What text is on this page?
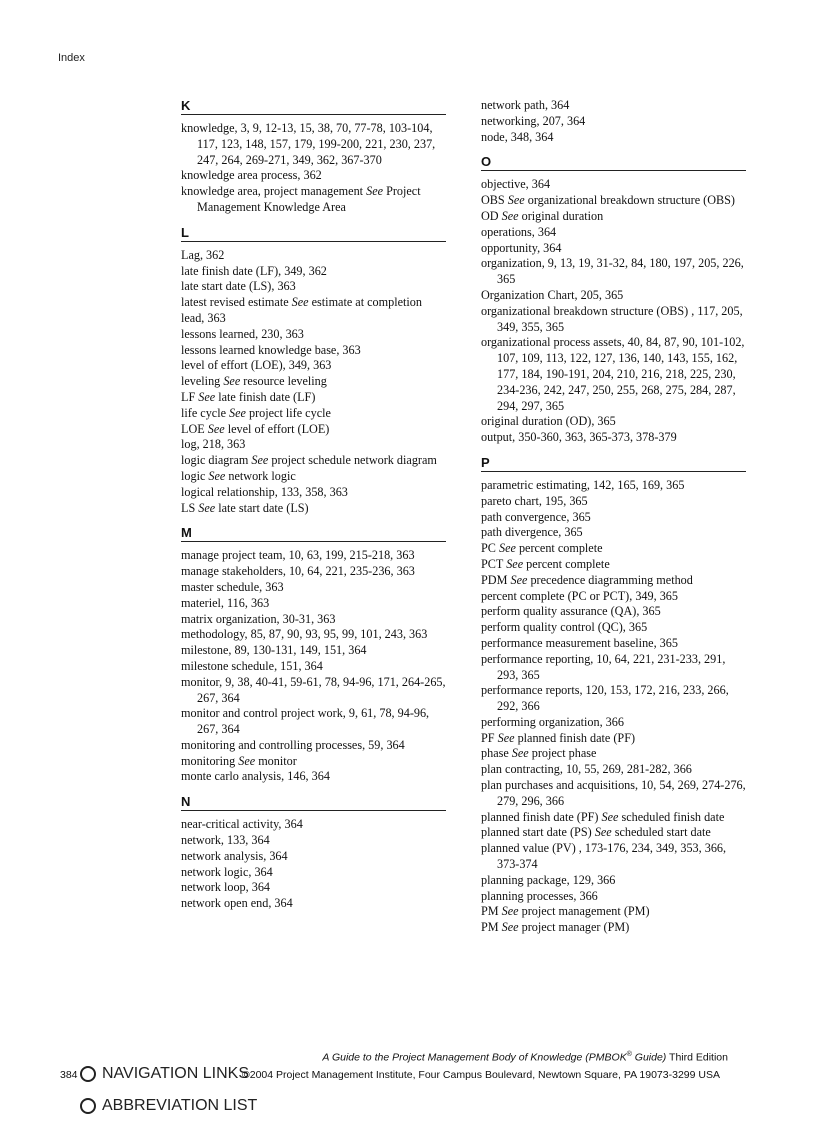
Index
K
knowledge, 3, 9, 12-13, 15, 38, 70, 77-78, 103-104, 117, 123, 148, 157, 179, 199-200, 221, 230, 237, 247, 264, 269-271, 349, 362, 367-370
knowledge area process, 362
knowledge area, project management See Project Management Knowledge Area
L
Lag, 362
late finish date (LF), 349, 362
late start date (LS), 363
latest revised estimate See estimate at completion
lead, 363
lessons learned, 230, 363
lessons learned knowledge base, 363
level of effort (LOE), 349, 363
leveling See resource leveling
LF See late finish date (LF)
life cycle See project life cycle
LOE See level of effort (LOE)
log, 218, 363
logic diagram See project schedule network diagram
logic See network logic
logical relationship, 133, 358, 363
LS See late start date (LS)
M
manage project team, 10, 63, 199, 215-218, 363
manage stakeholders, 10, 64, 221, 235-236, 363
master schedule, 363
materiel, 116, 363
matrix organization, 30-31, 363
methodology, 85, 87, 90, 93, 95, 99, 101, 243, 363
milestone, 89, 130-131, 149, 151, 364
milestone schedule, 151, 364
monitor, 9, 38, 40-41, 59-61, 78, 94-96, 171, 264-265, 267, 364
monitor and control project work, 9, 61, 78, 94-96, 267, 364
monitoring and controlling processes, 59, 364
monitoring See monitor
monte carlo analysis, 146, 364
N
near-critical activity, 364
network, 133, 364
network analysis, 364
network logic, 364
network loop, 364
network open end, 364
network path, 364
networking, 207, 364
node, 348, 364
O
objective, 364
OBS See organizational breakdown structure (OBS)
OD See original duration
operations, 364
opportunity, 364
organization, 9, 13, 19, 31-32, 84, 180, 197, 205, 226, 365
Organization Chart, 205, 365
organizational breakdown structure (OBS) , 117, 205, 349, 355, 365
organizational process assets, 40, 84, 87, 90, 101-102, 107, 109, 113, 122, 127, 136, 140, 143, 155, 162, 177, 184, 190-191, 204, 210, 216, 218, 225, 230, 234-236, 242, 247, 250, 255, 268, 275, 284, 287, 294, 297, 365
original duration (OD), 365
output, 350-360, 363, 365-373, 378-379
P
parametric estimating, 142, 165, 169, 365
pareto chart, 195, 365
path convergence, 365
path divergence, 365
PC See percent complete
PCT See percent complete
PDM See precedence diagramming method
percent complete (PC or PCT), 349, 365
perform quality assurance (QA), 365
perform quality control (QC), 365
performance measurement baseline, 365
performance reporting, 10, 64, 221, 231-233, 291, 293, 365
performance reports, 120, 153, 172, 216, 233, 266, 292, 366
performing organization, 366
PF See planned finish date (PF)
phase See project phase
plan contracting, 10, 55, 269, 281-282, 366
plan purchases and acquisitions, 10, 54, 269, 274-276, 279, 296, 366
planned finish date (PF) See scheduled finish date
planned start date (PS) See scheduled start date
planned value (PV) , 173-176, 234, 349, 353, 366, 373-374
planning package, 129, 366
planning processes, 366
PM See project management (PM)
PM See project manager (PM)
A Guide to the Project Management Body of Knowledge (PMBOK® Guide) Third Edition
384 NAVIGATION LINKS
©2004 Project Management Institute, Four Campus Boulevard, Newtown Square, PA 19073-3299 USA
ABBREVIATION LIST
